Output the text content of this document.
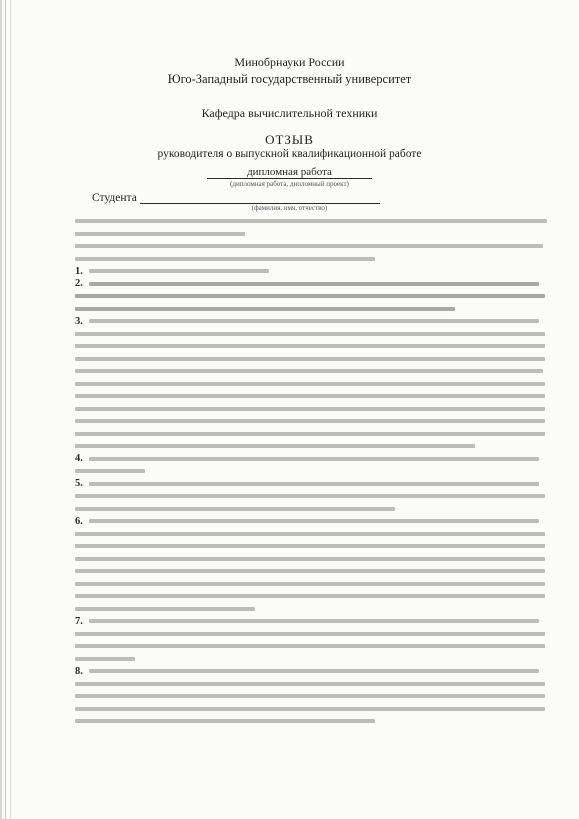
Минобрнауки России
Юго-Западный государственный университет
Кафедра вычислительной техники
ОТЗЫВ
руководителя о выпускной квалификационной работе
дипломная работа
(дипломная работа, дипломный проект)
Студента
(фамилия, имя, отчество)
1.
2.
3.
4.
5.
6.
7.
8.
